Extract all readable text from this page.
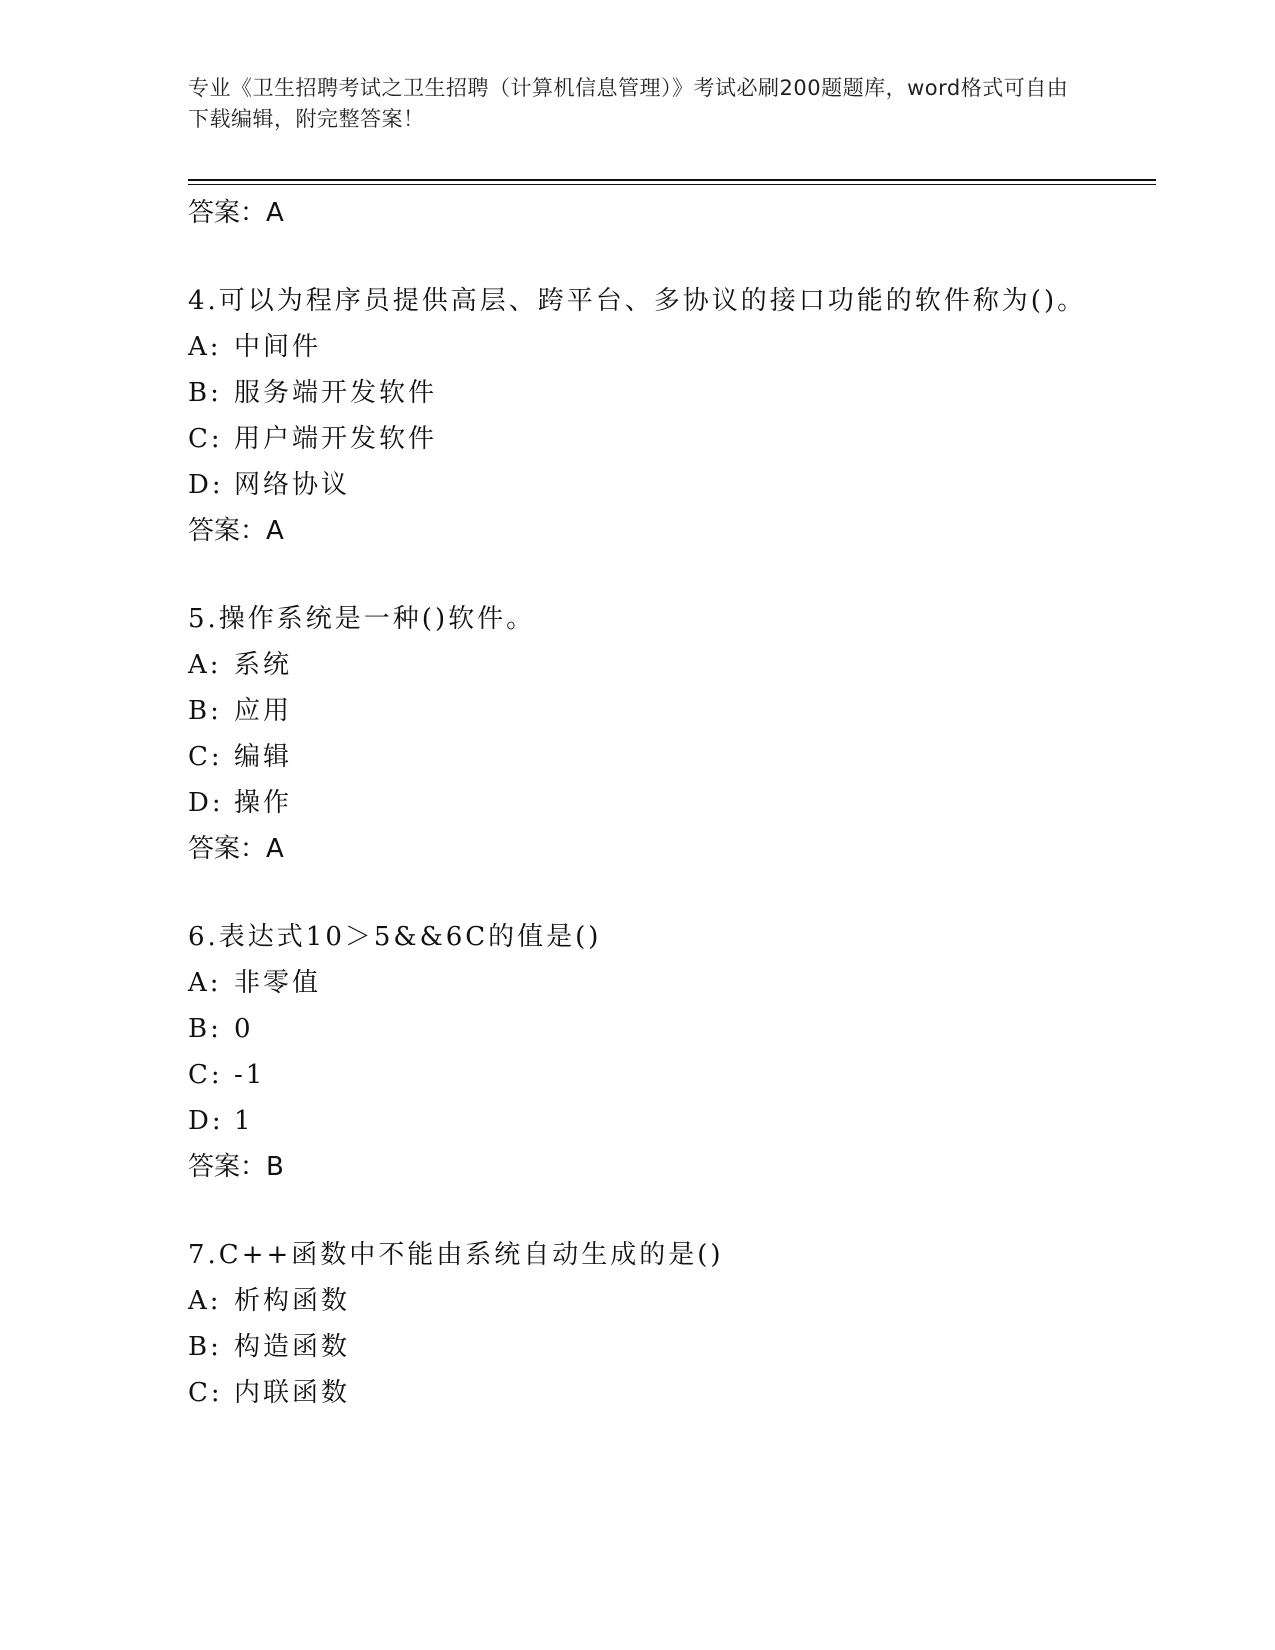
专业《卫生招聘考试之卫生招聘（计算机信息管理）》考试必刷200题题库，word格式可自由下载编辑，附完整答案！
答案：A
4.可以为程序员提供高层、跨平台、多协议的接口功能的软件称为()。
A: 中间件
B: 服务端开发软件
C: 用户端开发软件
D: 网络协议
答案：A
5.操作系统是一种()软件。
A: 系统
B: 应用
C: 编辑
D: 操作
答案：A
6.表达式10＞5&&6C的值是()
A: 非零值
B: 0
C: -1
D: 1
答案：B
7.C++函数中不能由系统自动生成的是()
A: 析构函数
B: 构造函数
C: 内联函数
